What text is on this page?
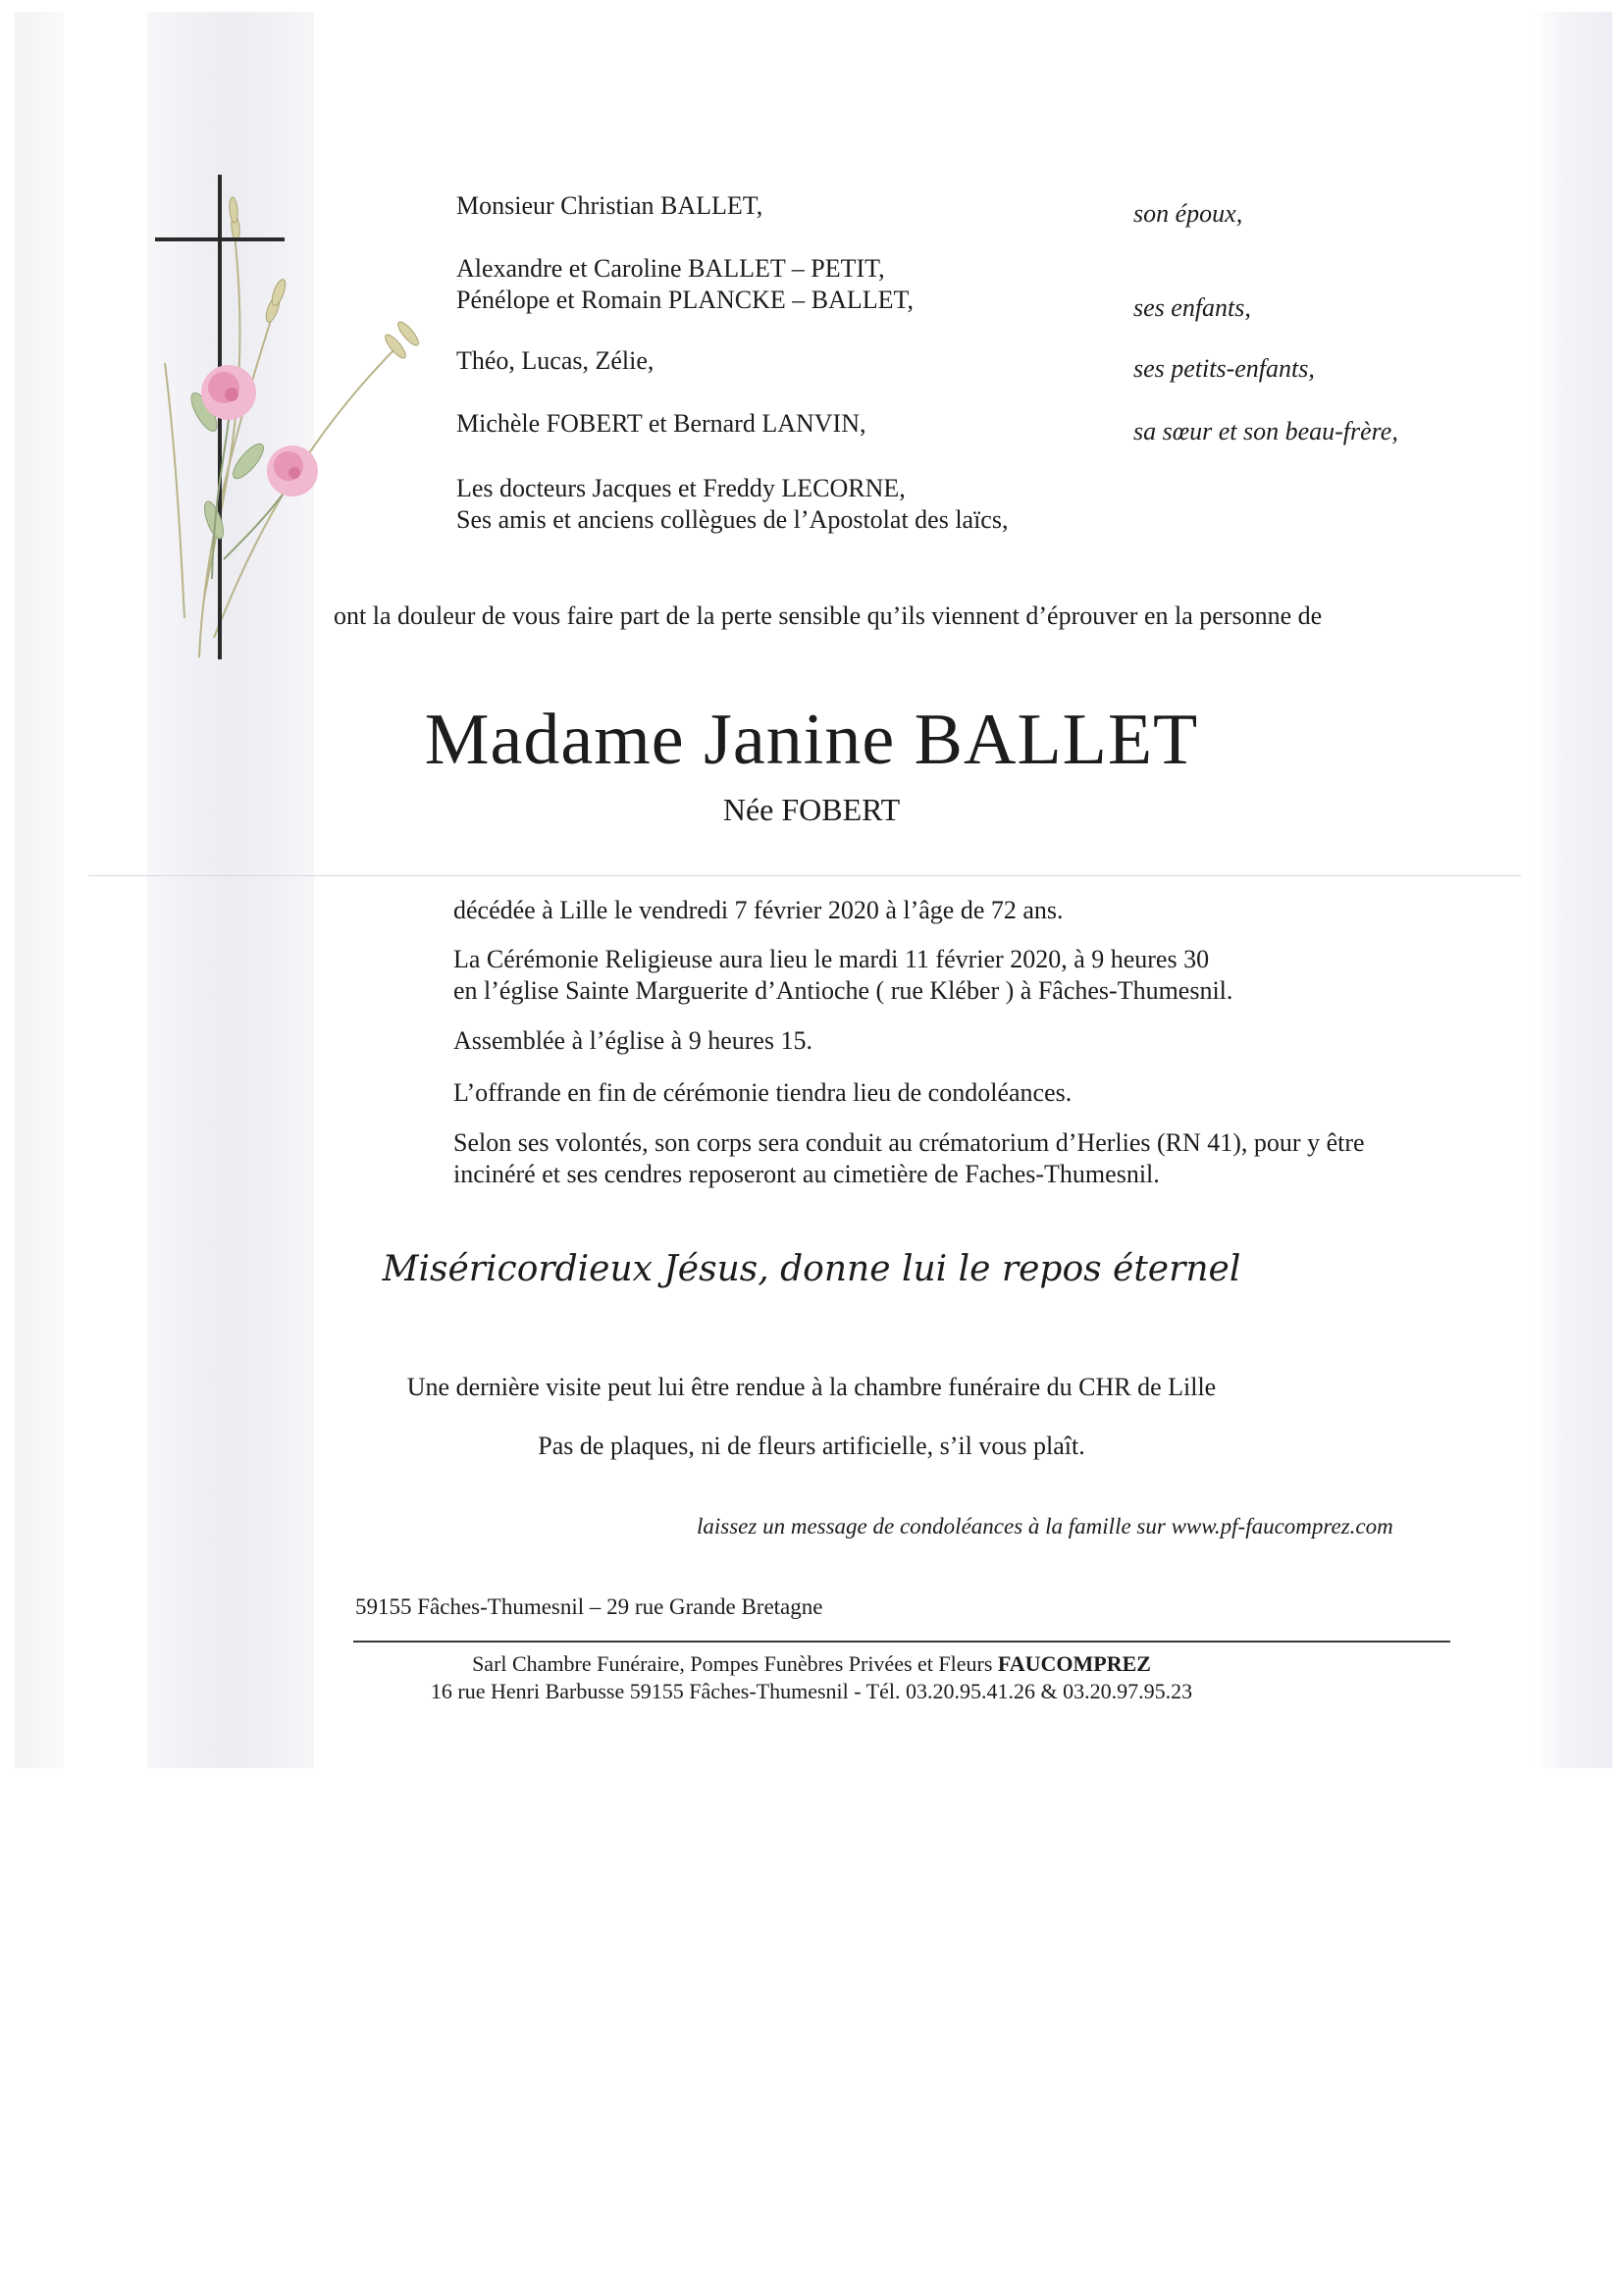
Monsieur Christian BALLET,	son époux,

Alexandre et Caroline BALLET – PETIT,

Pénélope et Romain PLANCKE – BALLET,	ses enfants,

Théo, Lucas, Zélie,	ses petits-enfants,

Michèle FOBERT et Bernard LANVIN,	sa sœur et son beau-frère,

Les docteurs Jacques et Freddy LECORNE,

Ses amis et anciens collègues de l’Apostolat des laïcs,

ont la douleur de vous faire part de la perte sensible qu’ils viennent d’éprouver en la personne de

Madame Janine BALLET
Née FOBERT

décédée à Lille le vendredi 7 février 2020 à l’âge de 72 ans.

La Cérémonie Religieuse aura lieu le mardi 11 février 2020, à 9 heures 30

en l’église Sainte Marguerite d’Antioche ( rue Kléber ) à Fâches-Thumesnil.

Assemblée à l’église à 9 heures 15.

L’offrande en fin de cérémonie tiendra lieu de condoléances.

Selon ses volontés, son corps sera conduit au crématorium d’Herlies (RN 41), pour y être

incinéré et ses cendres reposeront au cimetière de Faches-Thumesnil.

Miséricordieux Jésus, donne lui le repos éternel

Une dernière visite peut lui être rendue à la chambre funéraire du CHR de Lille

Pas de plaques, ni de fleurs artificielle, s’il vous plaît.

laissez un message de condoléances à la famille sur www.pf-faucomprez.com

59155 Fâches-Thumesnil – 29 rue Grande Bretagne

Sarl Chambre Funéraire, Pompes Funèbres Privées et Fleurs FAUCOMPREZ
16 rue Henri Barbusse 59155 Fâches-Thumesnil - Tél. 03.20.95.41.26 & 03.20.97.95.23
